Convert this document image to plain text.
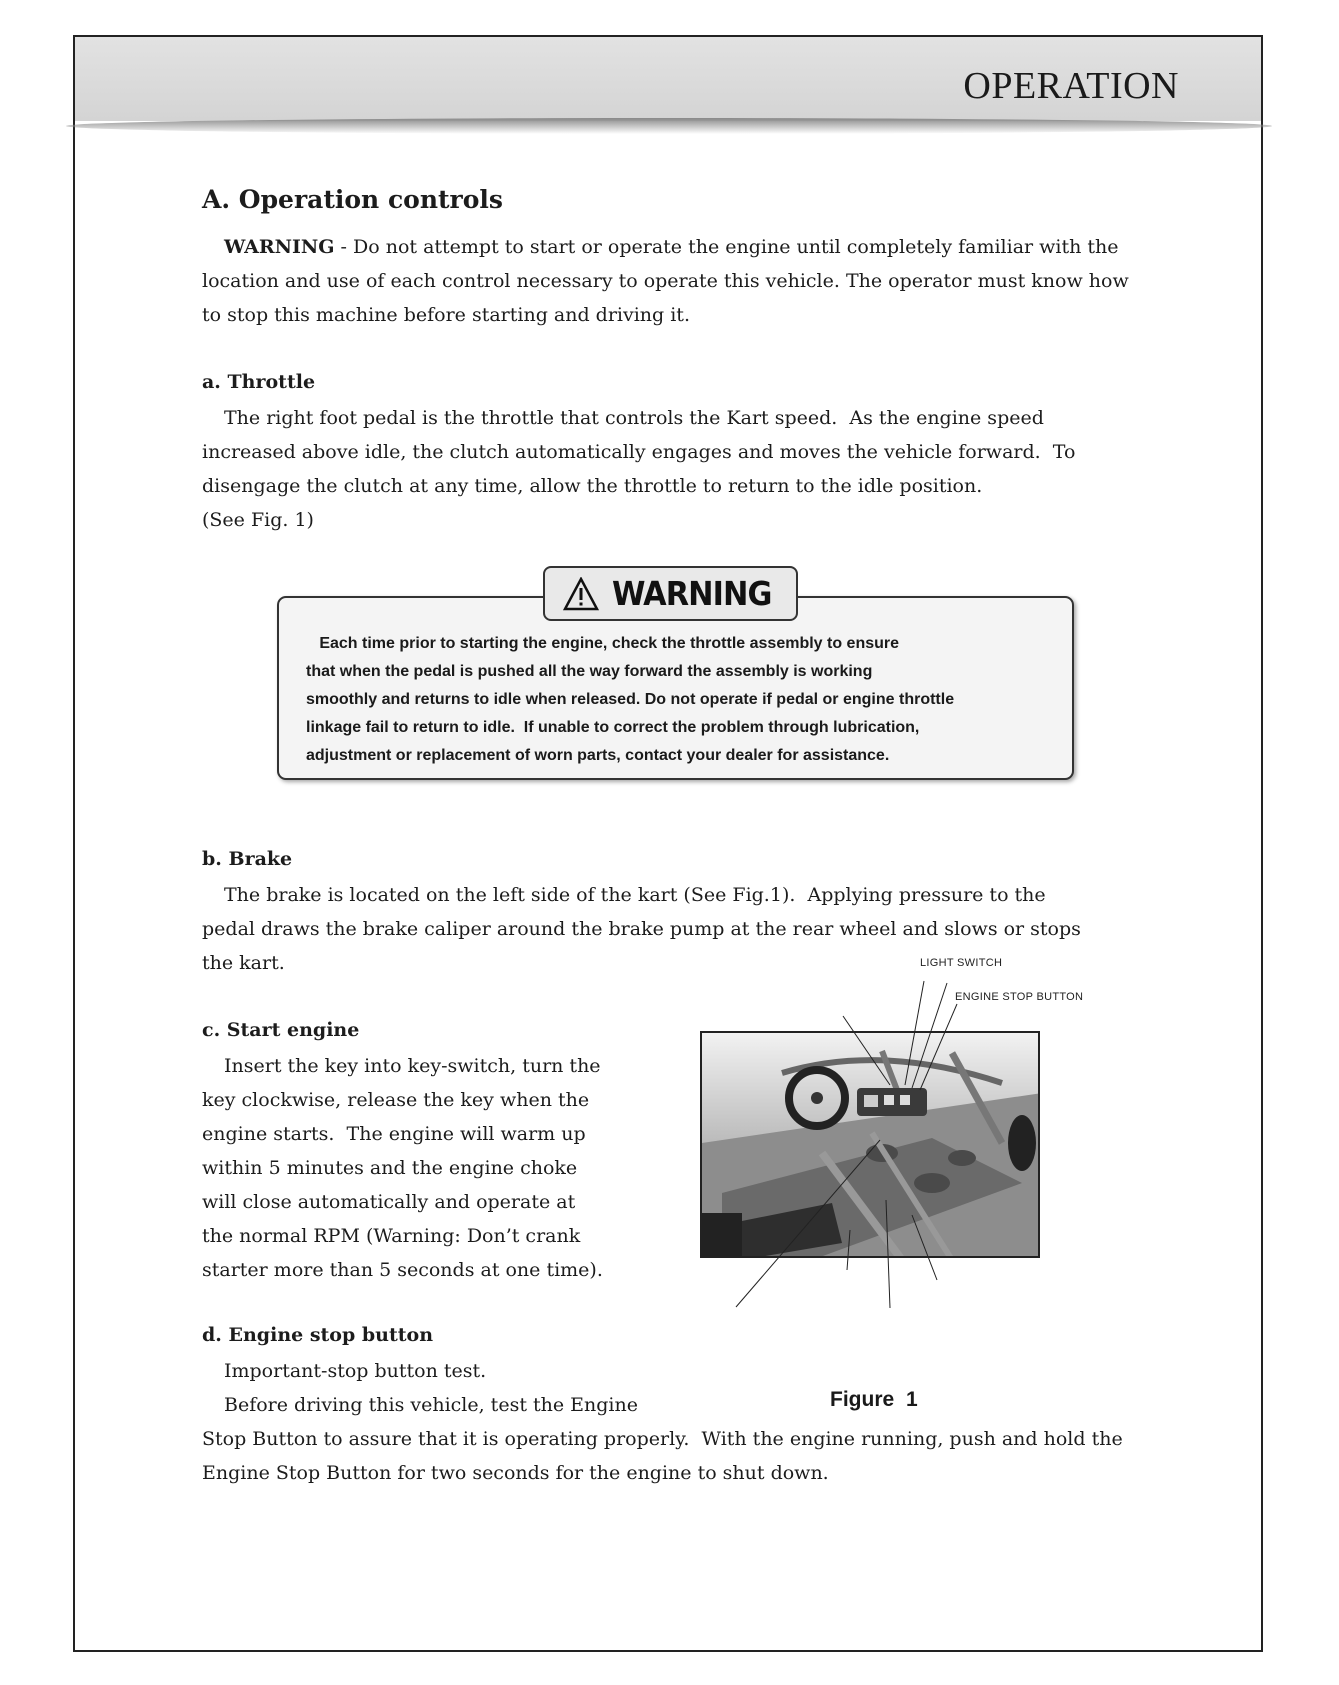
OPERATION
A. Operation controls
WARNING - Do not attempt to start or operate the engine until completely familiar with the
location and use of each control necessary to operate this vehicle. The operator must know how
to stop this machine before starting and driving it.
a. Throttle
The right foot pedal is the throttle that controls the Kart speed.  As the engine speed
increased above idle, the clutch automatically engages and moves the vehicle forward.  To
disengage the clutch at any time, allow the throttle to return to the idle position.
(See Fig. 1)
WARNING
Each time prior to starting the engine, check the throttle assembly to ensure
that when the pedal is pushed all the way forward the assembly is working
smoothly and returns to idle when released. Do not operate if pedal or engine throttle
linkage fail to return to idle.  If unable to correct the problem through lubrication,
adjustment or replacement of worn parts, contact your dealer for assistance.
b. Brake
The brake is located on the left side of the kart (See Fig.1).  Applying pressure to the
pedal draws the brake caliper around the brake pump at the rear wheel and slows or stops
the kart.
c. Start engine
Insert the key into key-switch, turn the
key clockwise, release the key when the
engine starts.  The engine will warm up
within 5 minutes and the engine choke
will close automatically and operate at
the normal RPM (Warning: Don’t crank
starter more than 5 seconds at one time).
d. Engine stop button
Important-stop button test.
Before driving this vehicle, test the Engine
Stop Button to assure that it is operating properly.  With the engine running, push and hold the
Engine Stop Button for two seconds for the engine to shut down.
LIGHT SWITCH
ENGINE STOP BUTTON
Figure 1
